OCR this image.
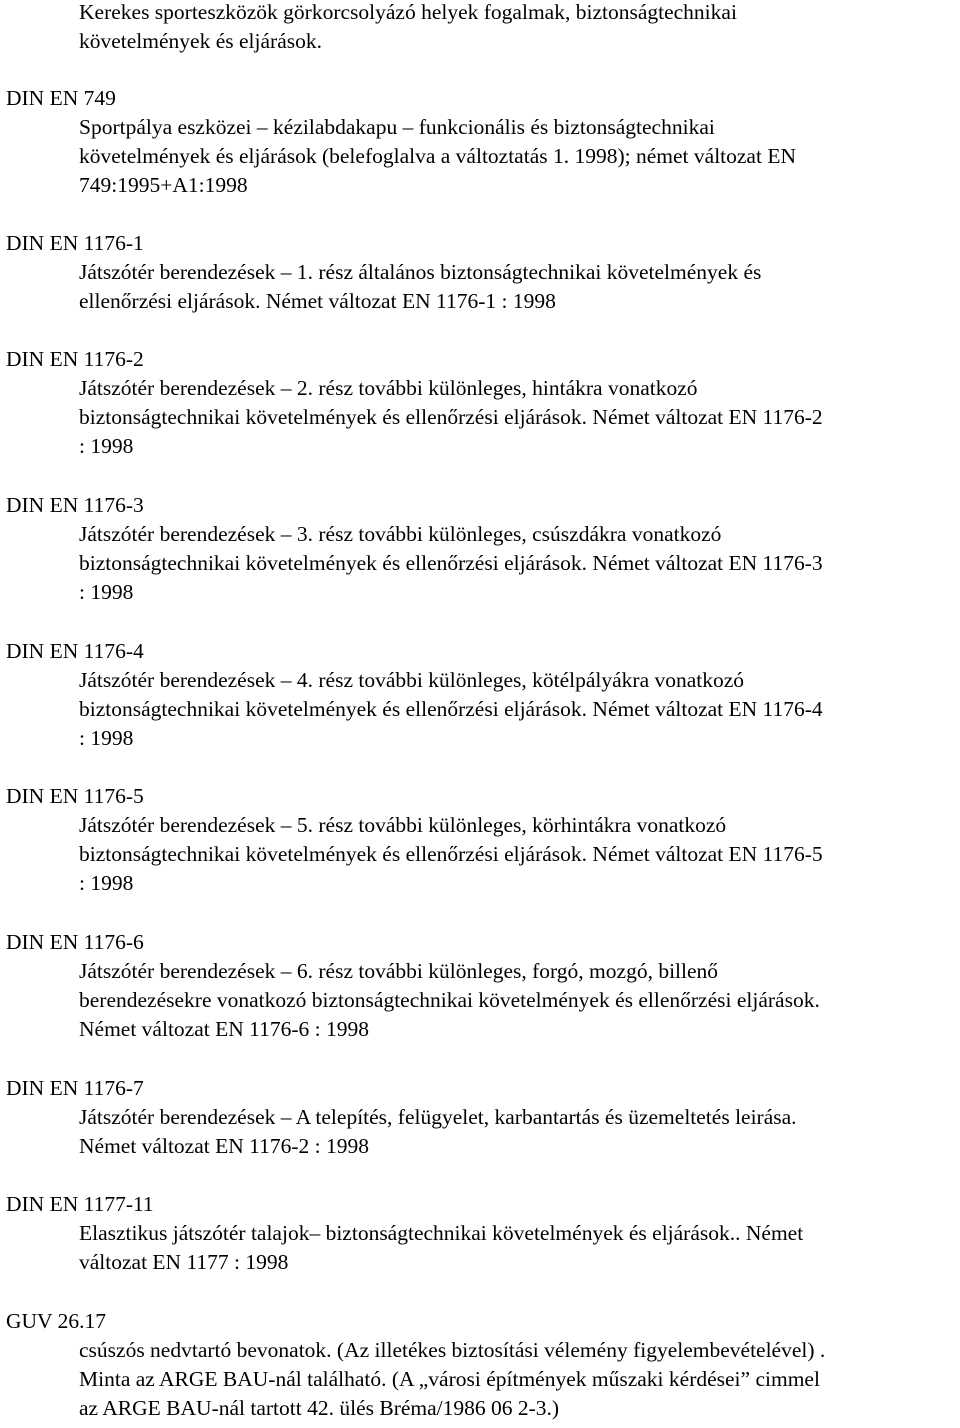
Kerekes sporteszközök görkorcsolyázó helyek fogalmak, biztonságtechnikai
követelmények és eljárások.
DIN EN 749
Sportpálya eszközei – kézilabdakapu – funkcionális és biztonságtechnikai
követelmények és eljárások (belefoglalva a változtatás 1. 1998); német változat EN
749:1995+A1:1998
DIN EN 1176-1
Játszótér berendezések – 1. rész általános biztonságtechnikai követelmények és
ellenőrzési eljárások. Német változat EN 1176-1 : 1998
DIN EN 1176-2
Játszótér berendezések – 2. rész további különleges, hintákra vonatkozó
biztonságtechnikai követelmények és ellenőrzési eljárások. Német változat EN 1176-2
: 1998
DIN EN 1176-3
Játszótér berendezések – 3. rész további különleges, csúszdákra vonatkozó
biztonságtechnikai követelmények és ellenőrzési eljárások. Német változat EN 1176-3
: 1998
DIN EN 1176-4
Játszótér berendezések – 4. rész további különleges, kötélpályákra vonatkozó
biztonságtechnikai követelmények és ellenőrzési eljárások. Német változat EN 1176-4
: 1998
DIN EN 1176-5
Játszótér berendezések – 5. rész további különleges, körhintákra vonatkozó
biztonságtechnikai követelmények és ellenőrzési eljárások. Német változat EN 1176-5
: 1998
DIN EN 1176-6
Játszótér berendezések – 6. rész további különleges, forgó, mozgó, billenő
berendezésekre vonatkozó biztonságtechnikai követelmények és ellenőrzési eljárások.
Német változat EN 1176-6 : 1998
DIN EN 1176-7
Játszótér berendezések – A telepítés, felügyelet, karbantartás és üzemeltetés leirása.
Német változat EN 1176-2 : 1998
DIN EN 1177-11
Elasztikus játszótér talajok– biztonságtechnikai követelmények és eljárások.. Német
változat EN 1177 : 1998
GUV 26.17
csúszós nedvtartó bevonatok. (Az illetékes biztosítási vélemény figyelembevételével) .
Minta az ARGE BAU-nál található. (A „városi építmények műszaki kérdései” cimmel
az ARGE BAU-nál tartott 42. ülés Bréma/1986 06 2-3.)
